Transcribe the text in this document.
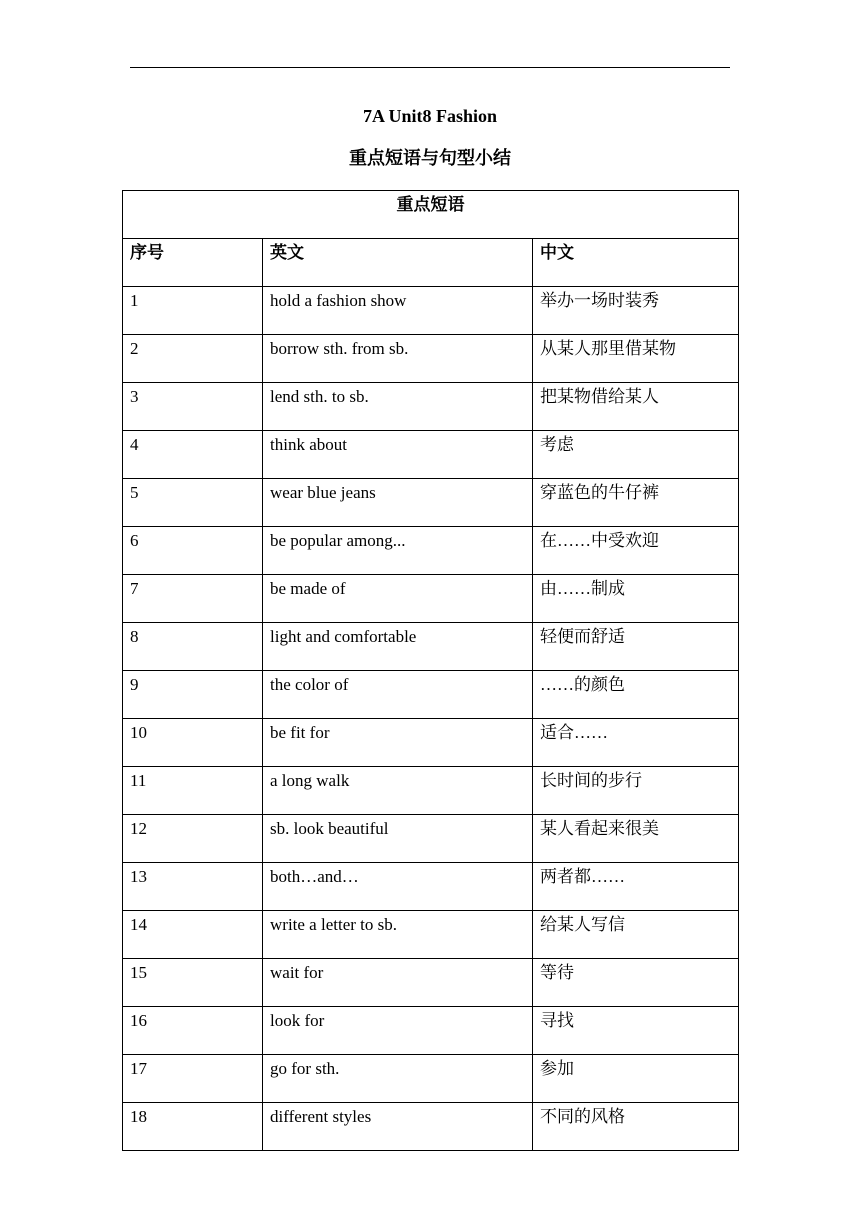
7A Unit8 Fashion
重点短语与句型小结
重点短语		
序号	英文	中文
1	hold a fashion show	举办一场时装秀
2	borrow sth. from sb.	从某人那里借某物
3	lend sth. to sb.	把某物借给某人
4	think about	考虑
5	wear blue jeans	穿蓝色的牛仔裤
6	be popular among...	在……中受欢迎
7	be made of	由……制成
8	light and comfortable	轻便而舒适
9	the color of	……的颜色
10	be fit for	适合……
11	a long walk	长时间的步行
12	sb. look beautiful	某人看起来很美
13	both…and…	两者都……
14	write a letter to sb.	给某人写信
15	wait for	等待
16	look for	寻找
17	go for sth.	参加
18	different styles	不同的风格
